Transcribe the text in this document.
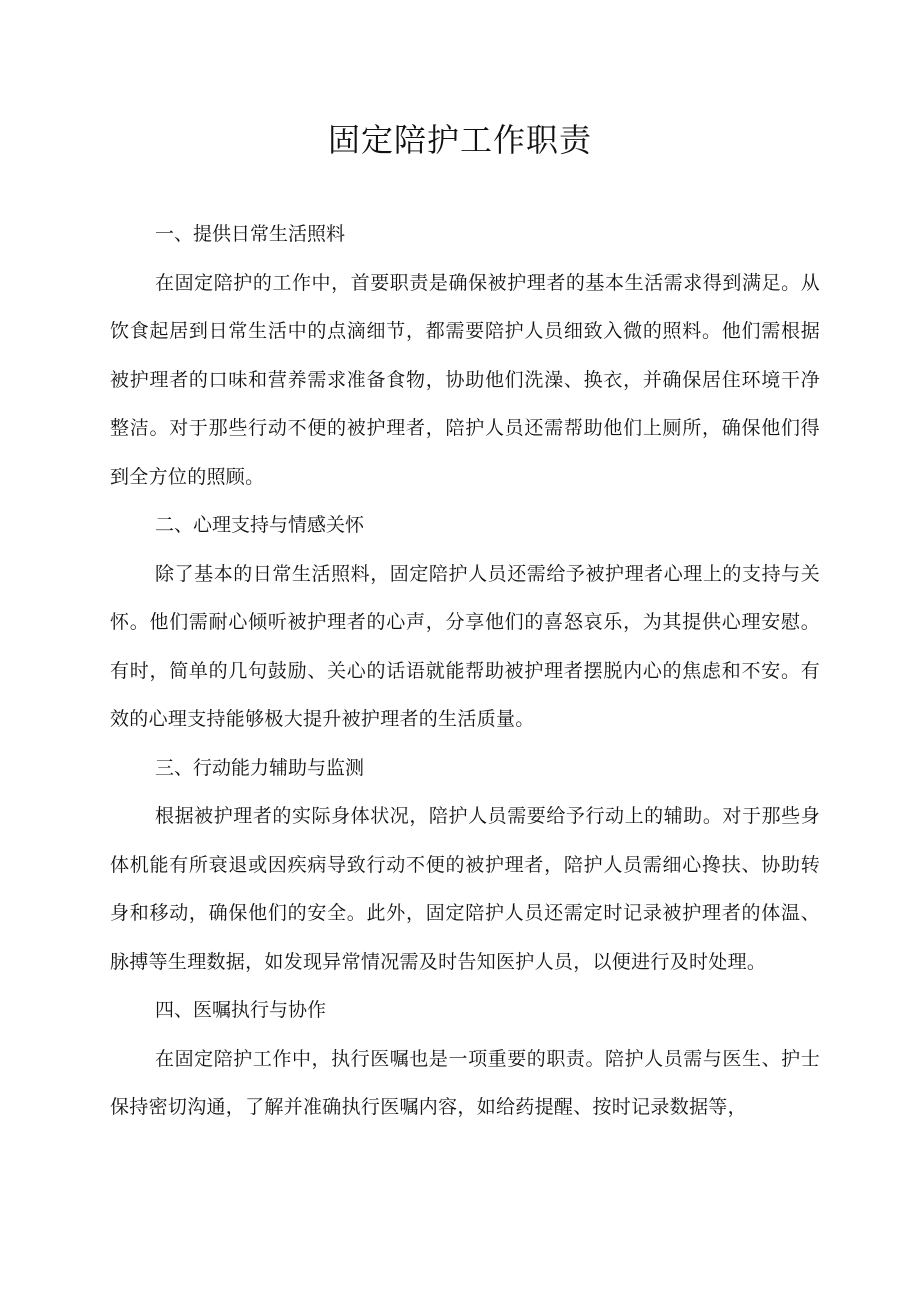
固定陪护工作职责

一、提供日常生活照料

在固定陪护的工作中，首要职责是确保被护理者的基本生活需求得到满足。从饮食起居到日常生活中的点滴细节，都需要陪护人员细致入微的照料。他们需根据被护理者的口味和营养需求准备食物，协助他们洗澡、换衣，并确保居住环境干净整洁。对于那些行动不便的被护理者，陪护人员还需帮助他们上厕所，确保他们得到全方位的照顾。

二、心理支持与情感关怀

除了基本的日常生活照料，固定陪护人员还需给予被护理者心理上的支持与关怀。他们需耐心倾听被护理者的心声，分享他们的喜怒哀乐，为其提供心理安慰。有时，简单的几句鼓励、关心的话语就能帮助被护理者摆脱内心的焦虑和不安。有效的心理支持能够极大提升被护理者的生活质量。

三、行动能力辅助与监测

根据被护理者的实际身体状况，陪护人员需要给予行动上的辅助。对于那些身体机能有所衰退或因疾病导致行动不便的被护理者，陪护人员需细心搀扶、协助转身和移动，确保他们的安全。此外，固定陪护人员还需定时记录被护理者的体温、脉搏等生理数据，如发现异常情况需及时告知医护人员，以便进行及时处理。

四、医嘱执行与协作

在固定陪护工作中，执行医嘱也是一项重要的职责。陪护人员需与医生、护士保持密切沟通，了解并准确执行医嘱内容，如给药提醒、按时记录数据等，
